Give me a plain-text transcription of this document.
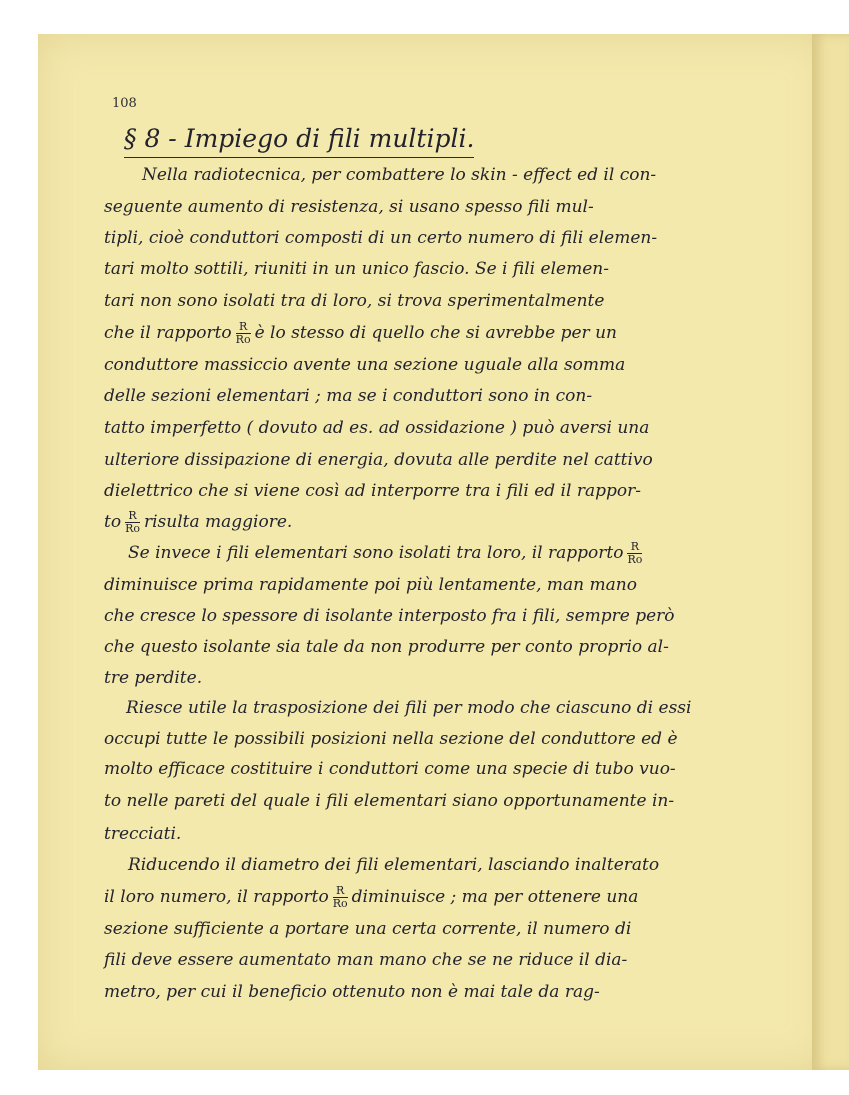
108
§ 8 - Impiego di fili multipli.
Nella radiotecnica, per combattere lo skin - effect ed il con-
seguente aumento di resistenza, si usano spesso fili mul-
tipli, cioè conduttori composti di un certo numero di fili elemen-
tari molto sottili, riuniti in un unico fascio. Se i fili elemen-
tari non sono isolati tra di loro, si trova sperimentalmente
che il rapporto $\frac{R}{Ro}$ è lo stesso di quello che si avrebbe per un
conduttore massiccio avente una sezione uguale alla somma
delle sezioni elementari ; ma se i conduttori sono in con-
tatto imperfetto ( dovuto ad es. ad ossidazione ) può aversi una
ulteriore dissipazione di energia, dovuta alle perdite nel cattivo
dielettrico che si viene così ad interporre tra i fili ed il rappor-
to $\frac{R}{Ro}$ risulta maggiore.
Se invece i fili elementari sono isolati tra loro, il rapporto $\frac{R}{Ro}$
diminuisce prima rapidamente poi più lentamente, man mano
che cresce lo spessore di isolante interposto fra i fili, sempre però
che questo isolante sia tale da non produrre per conto proprio al-
tre perdite.
Riesce utile la trasposizione dei fili per modo che ciascuno di essi
occupi tutte le possibili posizioni nella sezione del conduttore ed è
molto efficace costituire i conduttori come una specie di tubo vuo-
to nelle pareti del quale i fili elementari siano opportunamente in-
trecciati.
Riducendo il diametro dei fili elementari, lasciando inalterato
il loro numero, il rapporto $\frac{R}{Ro}$ diminuisce ; ma per ottenere una
sezione sufficiente a portare una certa corrente, il numero di
fili deve essere aumentato man mano che se ne riduce il dia-
metro, per cui il beneficio ottenuto non è mai tale da rag-
